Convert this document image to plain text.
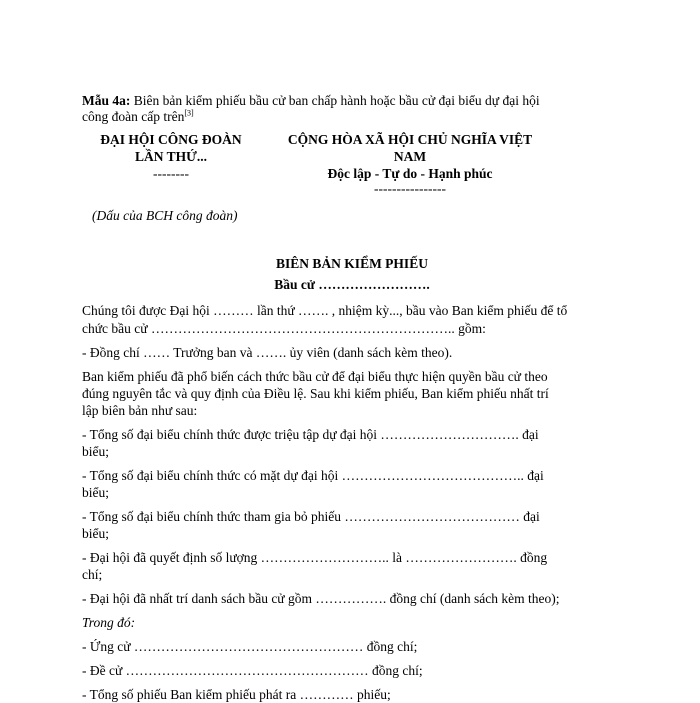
Mẫu 4a: Biên bản kiểm phiếu bầu cử ban chấp hành hoặc bầu cử đại biểu dự đại hội
công đoàn cấp trên[3]
ĐẠI HỘI CÔNG ĐOÀN
LẦN THỨ...
--------
CỘNG HÒA XÃ HỘI CHỦ NGHĨA VIỆT
NAM
Độc lập - Tự do - Hạnh phúc
----------------
(Dấu của BCH công đoàn)
BIÊN BẢN KIỂM PHIẾU
Bầu cử …………………….
Chúng tôi được Đại hội ……… lần thứ ……. , nhiệm kỳ..., bầu vào Ban kiểm phiếu để tổ
chức bầu cử ………………………………………………………….. gồm:
- Đồng chí …… Trưởng ban và ……. ủy viên (danh sách kèm theo).
Ban kiểm phiếu đã phổ biến cách thức bầu cử để đại biểu thực hiện quyền bầu cử theo
đúng nguyên tắc và quy định của Điều lệ. Sau khi kiểm phiếu, Ban kiểm phiếu nhất trí
lập biên bản như sau:
- Tổng số đại biểu chính thức được triệu tập dự đại hội …………………………. đại
biểu;
- Tổng số đại biểu chính thức có mặt dự đại hội ………………………………….. đại
biểu;
- Tổng số đại biểu chính thức tham gia bỏ phiếu ………………………………… đại
biểu;
- Đại hội đã quyết định số lượng ……………………….. là ……………………. đồng
chí;
- Đại hội đã nhất trí danh sách bầu cử gồm ……………. đồng chí (danh sách kèm theo);
Trong đó:
- Ứng cử …………………………………………… đồng chí;
- Đề cử ……………………………………………… đồng chí;
- Tổng số phiếu Ban kiểm phiếu phát ra ………… phiếu;
